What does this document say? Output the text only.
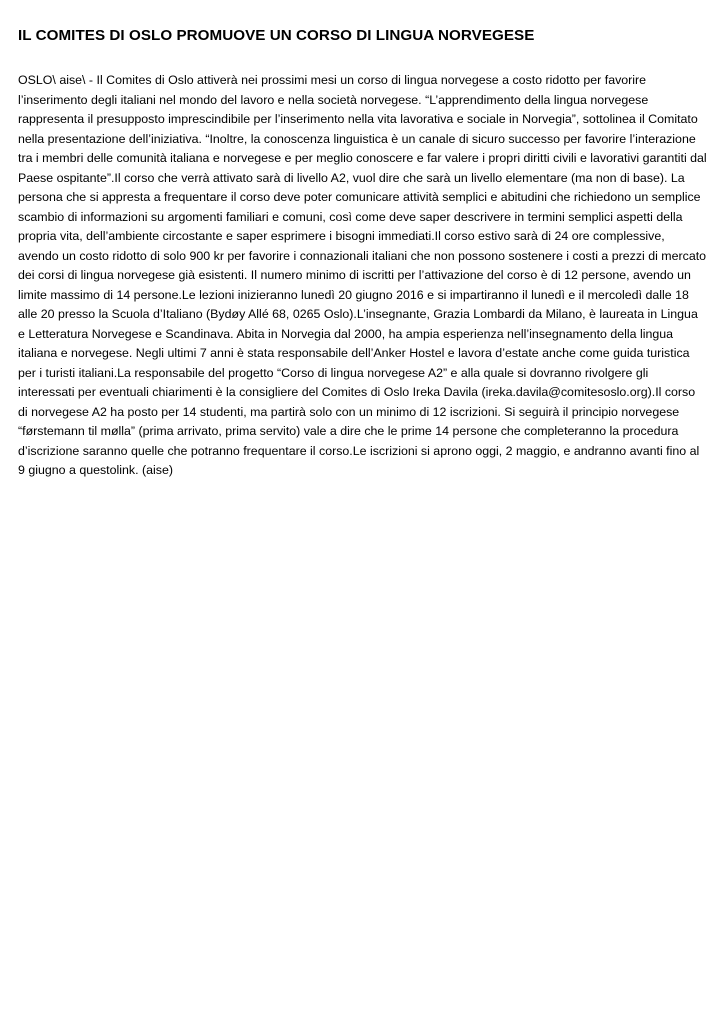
IL COMITES DI OSLO PROMUOVE UN CORSO DI LINGUA NORVEGESE

OSLO\ aise\ - Il Comites di Oslo attiverà nei prossimi mesi un corso di lingua norvegese a costo ridotto per favorire l’inserimento degli italiani nel mondo del lavoro e nella società norvegese. “L’apprendimento della lingua norvegese rappresenta il presupposto imprescindibile per l’inserimento nella vita lavorativa e sociale in Norvegia”, sottolinea il Comitato nella presentazione dell’iniziativa. “Inoltre, la conoscenza linguistica è un canale di sicuro successo per favorire l’interazione tra i membri delle comunità italiana e norvegese e per meglio conoscere e far valere i propri diritti civili e lavorativi garantiti dal Paese ospitante”.Il corso che verrà attivato sarà di livello A2, vuol dire che sarà un livello elementare (ma non di base). La persona che si appresta a frequentare il corso deve poter comunicare attività semplici e abitudini che richiedono un semplice scambio di informazioni su argomenti familiari e comuni, così come deve saper descrivere in termini semplici aspetti della propria vita, dell’ambiente circostante e saper esprimere i bisogni immediati.Il corso estivo sarà di 24 ore complessive, avendo un costo ridotto di solo 900 kr per favorire i connazionali italiani che non possono sostenere i costi a prezzi di mercato dei corsi di lingua norvegese già esistenti. Il numero minimo di iscritti per l’attivazione del corso è di 12 persone, avendo un limite massimo di 14 persone.Le lezioni inizieranno lunedì 20 giugno 2016 e si impartiranno il lunedì e il mercoledì dalle 18 alle 20 presso la Scuola d’Italiano (Bydøy Allé 68, 0265 Oslo).L’insegnante, Grazia Lombardi da Milano, è laureata in Lingua e Letteratura Norvegese e Scandinava. Abita in Norvegia dal 2000, ha ampia esperienza nell’insegnamento della lingua italiana e norvegese. Negli ultimi 7 anni è stata responsabile dell’Anker Hostel e lavora d’estate anche come guida turistica per i turisti italiani.La responsabile del progetto “Corso di lingua norvegese A2” e alla quale si dovranno rivolgere gli interessati per eventuali chiarimenti è la consigliere del Comites di Oslo Ireka Davila (ireka.davila@comitesoslo.org).Il corso di norvegese A2 ha posto per 14 studenti, ma partirà solo con un minimo di 12 iscrizioni. Si seguirà il principio norvegese “førstemann til mølla” (prima arrivato, prima servito) vale a dire che le prime 14 persone che completeranno la procedura d’iscrizione saranno quelle che potranno frequentare il corso.Le iscrizioni si aprono oggi, 2 maggio, e andranno avanti fino al 9 giugno a questolink. (aise)
